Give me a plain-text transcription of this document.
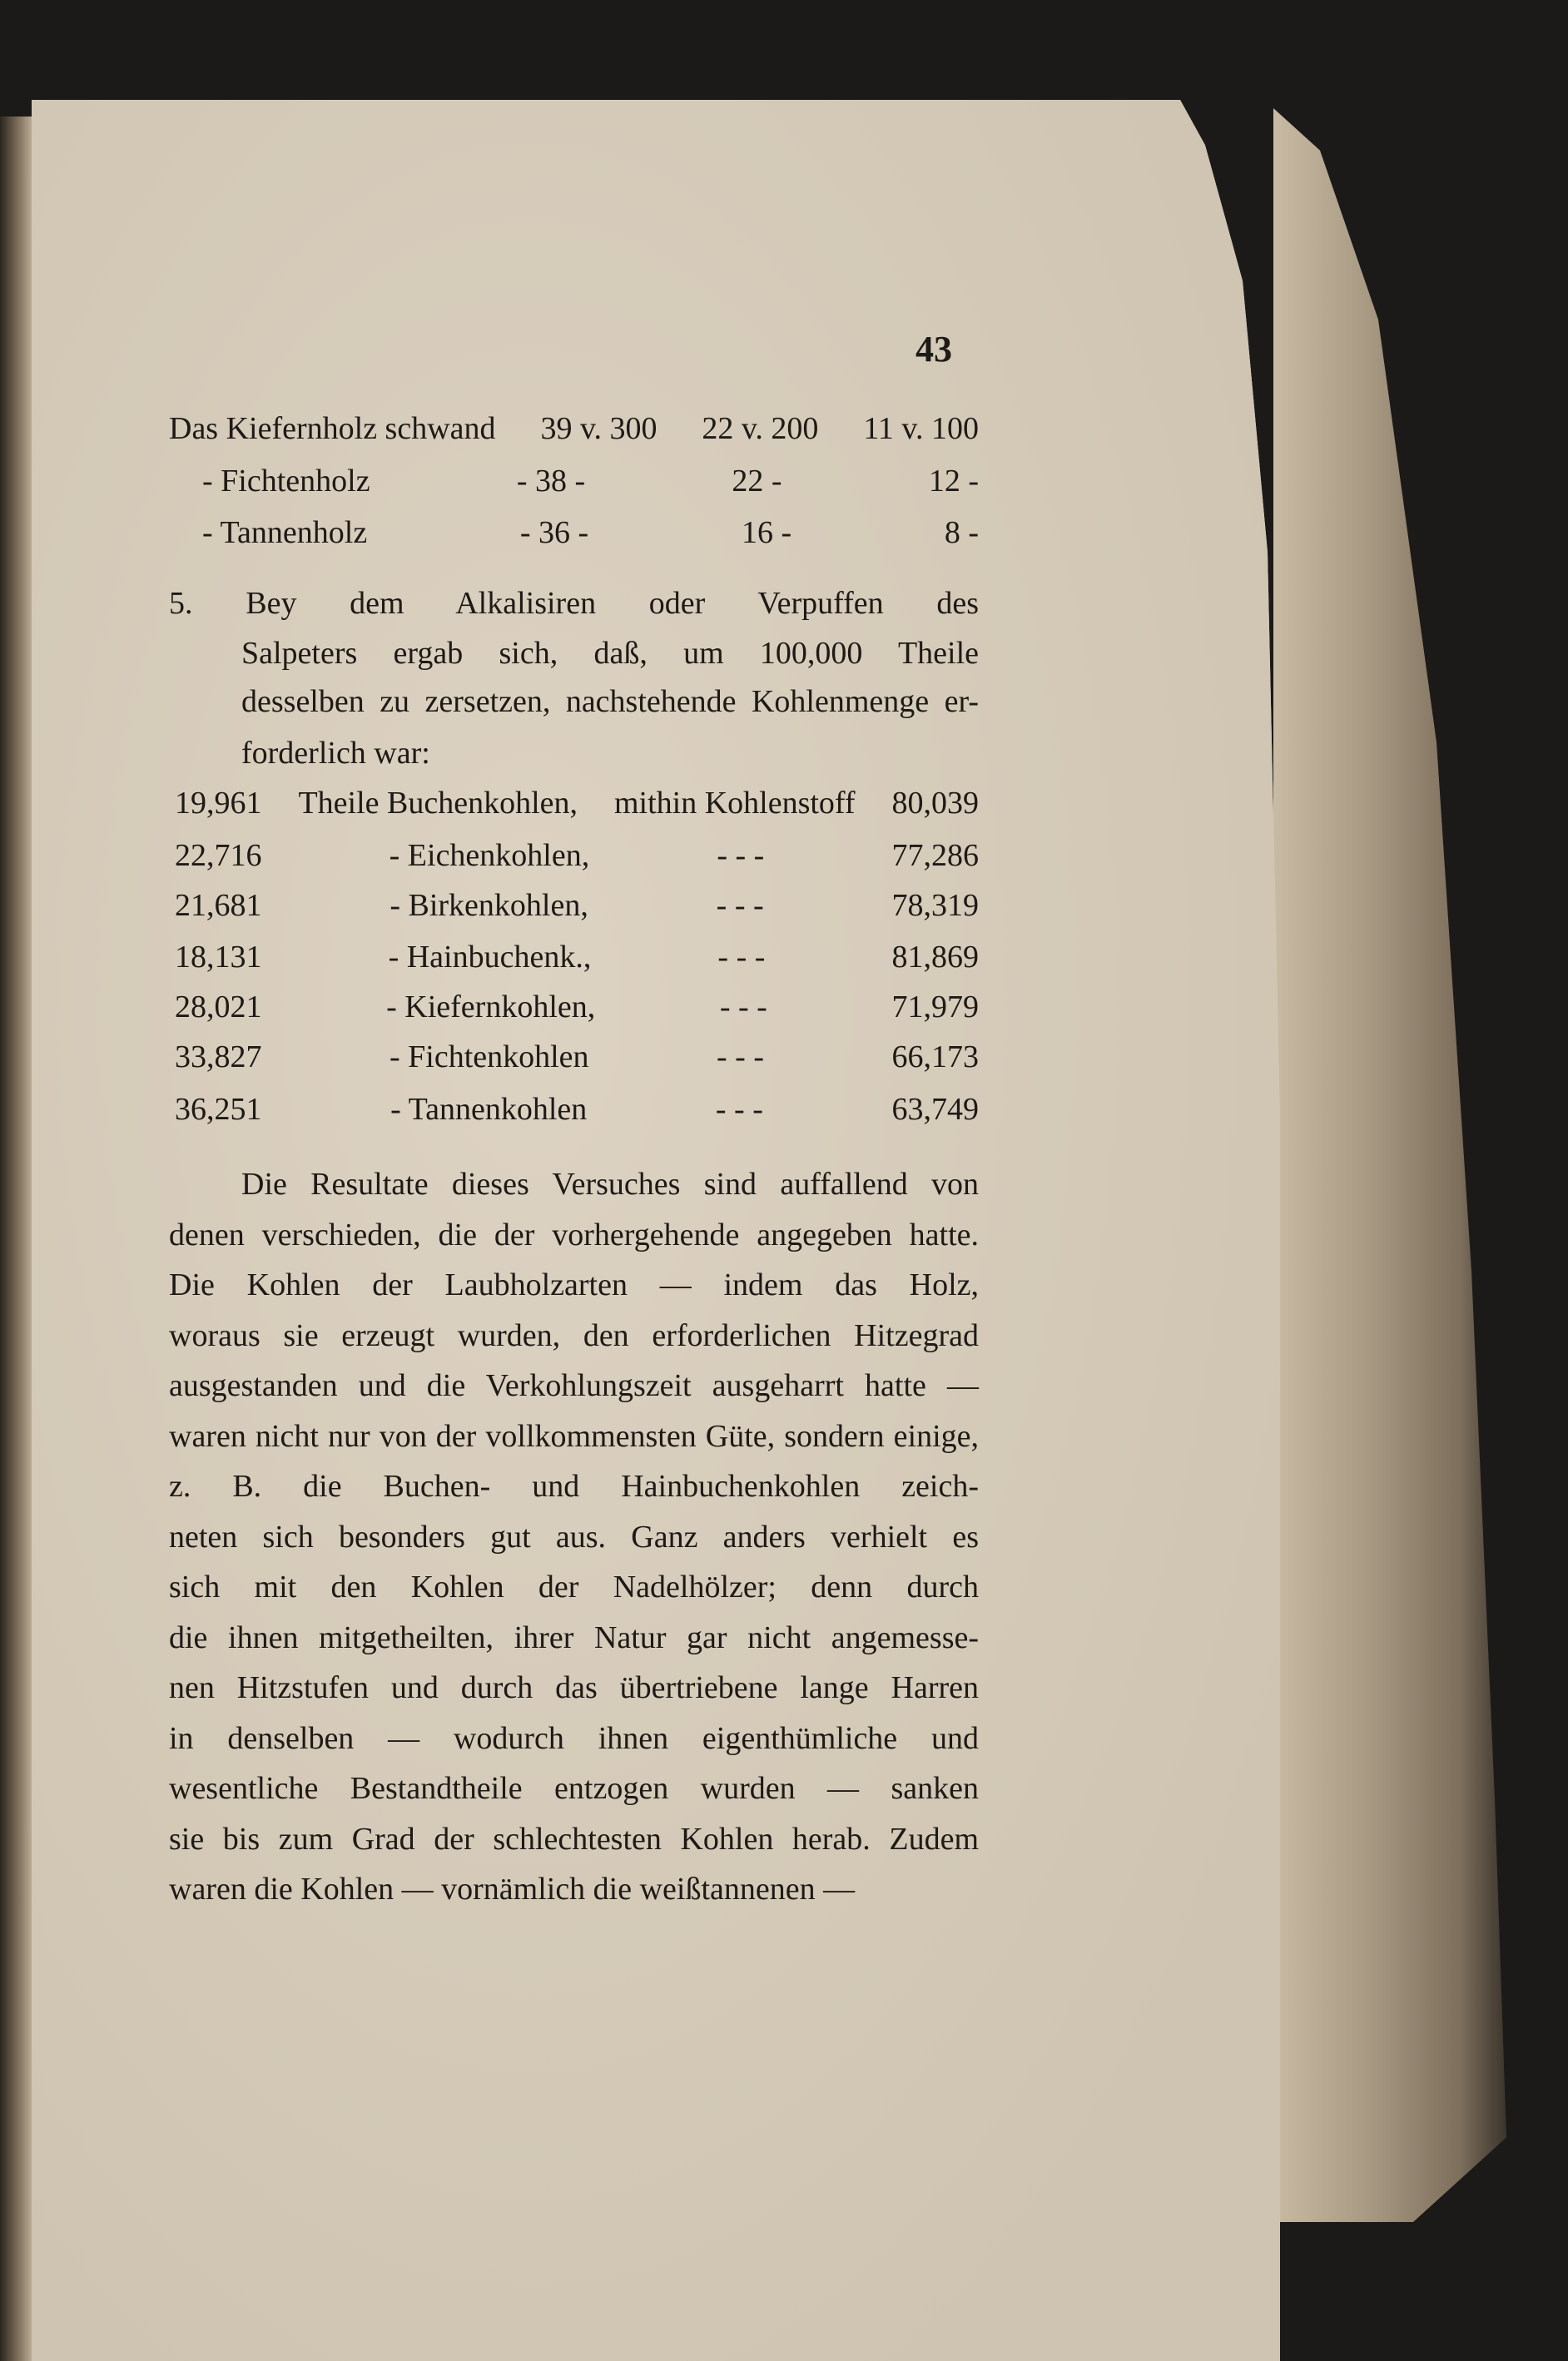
43
Das Kiefernholz schwand 39 v. 300 22 v. 200 11 v. 100
- Fichtenholz	- 38 -	22 -	12 -
- Tannenholz	- 36 -	16 -	8 -
5. Bey dem Alkalisiren oder Verpuffen des
Salpeters ergab sich, daß, um 100,000 Theile
desselben zu zersetzen, nachstehende Kohlenmenge er-
forderlich war:
19,961 Theile Buchenkohlen, mithin Kohlenstoff 80,039
22,716	- Eichenkohlen,	- - -	77,286
21,681	- Birkenkohlen,	- - -	78,319
18,131	- Hainbuchenk.,	- - -	81,869
28,021	- Kiefernkohlen,	- - -	71,979
33,827	- Fichtenkohlen	- - -	66,173
36,251	- Tannenkohlen	- - -	63,749
Die Resultate dieses Versuches sind auffallend von
denen verschieden, die der vorhergehende angegeben hatte.
Die Kohlen der Laubholzarten — indem das Holz,
woraus sie erzeugt wurden, den erforderlichen Hitzegrad
ausgestanden und die Verkohlungszeit ausgeharrt hatte —
waren nicht nur von der vollkommensten Güte, sondern einige,
z. B. die Buchen- und Hainbuchenkohlen zeich-
neten sich besonders gut aus. Ganz anders verhielt es
sich mit den Kohlen der Nadelhölzer; denn durch
die ihnen mitgetheilten, ihrer Natur gar nicht angemesse-
nen Hitzstufen und durch das übertriebene lange Harren
in denselben — wodurch ihnen eigenthümliche und
wesentliche Bestandtheile entzogen wurden — sanken
sie bis zum Grad der schlechtesten Kohlen herab. Zudem
waren die Kohlen — vornämlich die weißtannenen —
